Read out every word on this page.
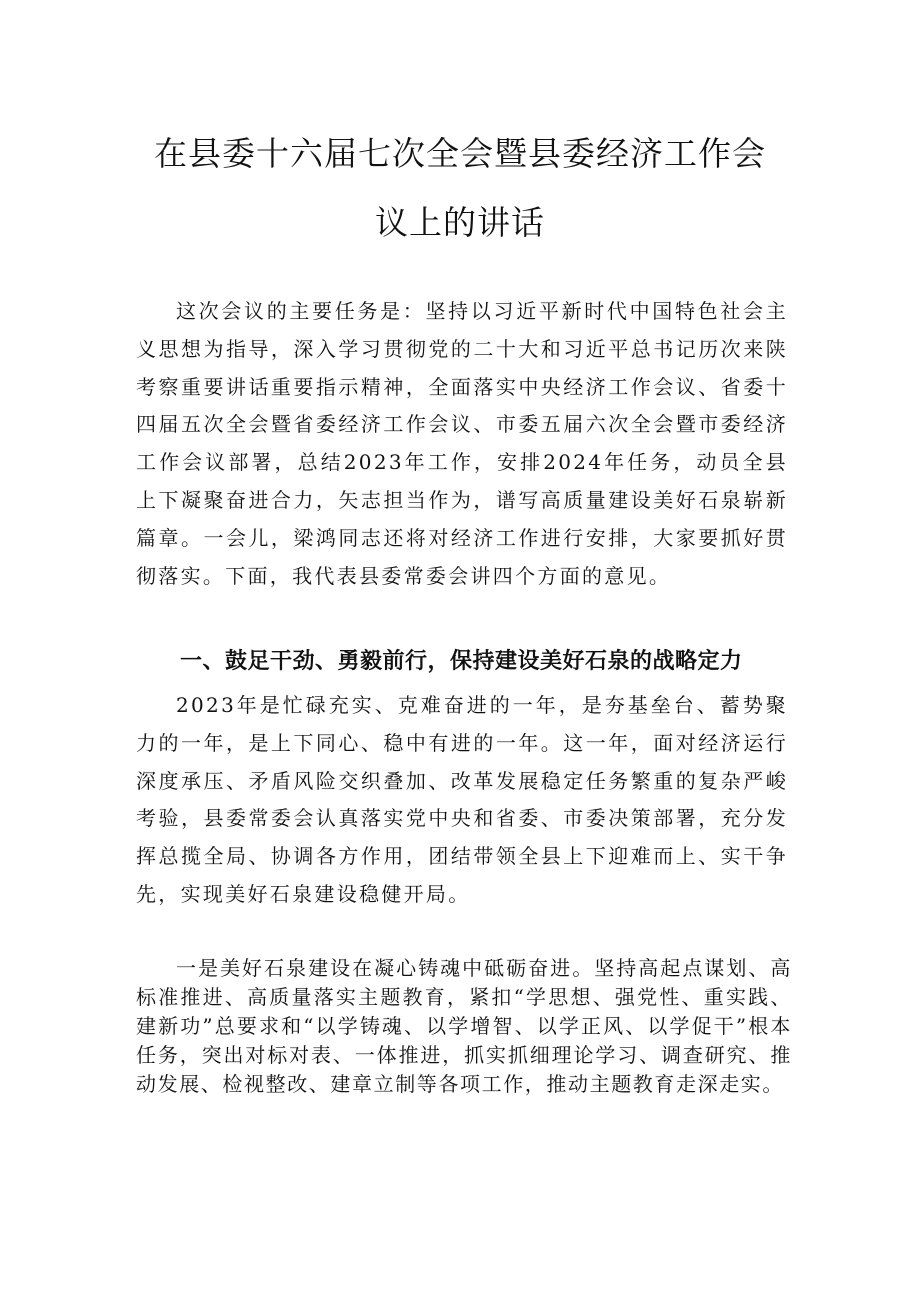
在县委十六届七次全会暨县委经济工作会
议上的讲话

这次会议的主要任务是：坚持以习近平新时代中国特色社会主义思想为指导，深入学习贯彻党的二十大和习近平总书记历次来陕考察重要讲话重要指示精神，全面落实中央经济工作会议、省委十四届五次全会暨省委经济工作会议、市委五届六次全会暨市委经济工作会议部署，总结2023年工作，安排2024年任务，动员全县上下凝聚奋进合力，矢志担当作为，谱写高质量建设美好石泉崭新篇章。一会儿，梁鸿同志还将对经济工作进行安排，大家要抓好贯彻落实。下面，我代表县委常委会讲四个方面的意见。

一、鼓足干劲、勇毅前行，保持建设美好石泉的战略定力

2023年是忙碌充实、克难奋进的一年，是夯基垒台、蓄势聚力的一年，是上下同心、稳中有进的一年。这一年，面对经济运行深度承压、矛盾风险交织叠加、改革发展稳定任务繁重的复杂严峻考验，县委常委会认真落实党中央和省委、市委决策部署，充分发挥总揽全局、协调各方作用，团结带领全县上下迎难而上、实干争先，实现美好石泉建设稳健开局。

一是美好石泉建设在凝心铸魂中砥砺奋进。坚持高起点谋划、高标准推进、高质量落实主题教育，紧扣“学思想、强党性、重实践、建新功”总要求和“以学铸魂、以学增智、以学正风、以学促干”根本任务，突出对标对表、一体推进，抓实抓细理论学习、调查研究、推动发展、检视整改、建章立制等各项工作，推动主题教育走深走实。
